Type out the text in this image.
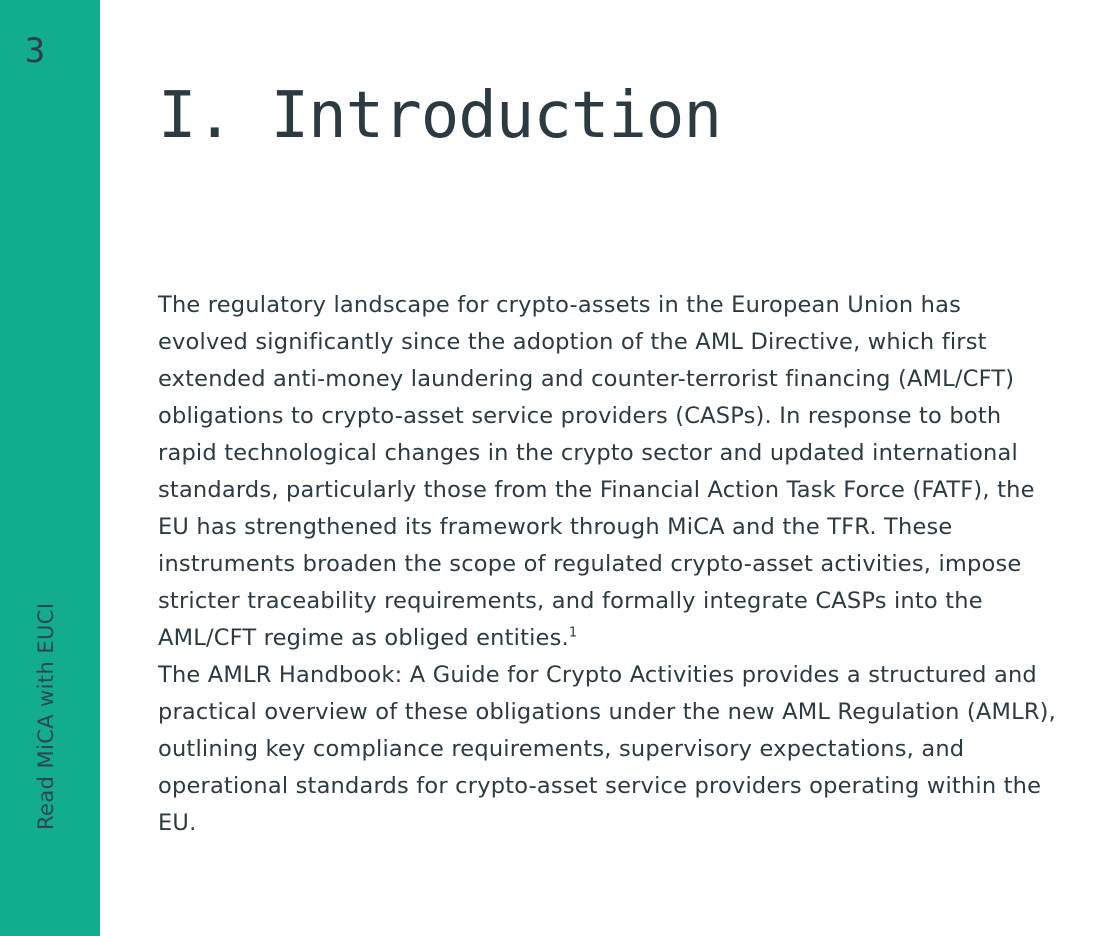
3
Read MiCA with EUCI
I. Introduction

The regulatory landscape for crypto-assets in the European Union has evolved significantly since the adoption of the AML Directive, which first extended anti-money laundering and counter-terrorist financing (AML/CFT) obligations to crypto-asset service providers (CASPs). In response to both rapid technological changes in the crypto sector and updated international standards, particularly those from the Financial Action Task Force (FATF), the EU has strengthened its framework through MiCA and the TFR. These instruments broaden the scope of regulated crypto-asset activities, impose stricter traceability requirements, and formally integrate CASPs into the AML/CFT regime as obliged entities.$^1$

The AMLR Handbook: A Guide for Crypto Activities provides a structured and practical overview of these obligations under the new AML Regulation (AMLR), outlining key compliance requirements, supervisory expectations, and operational standards for crypto-asset service providers operating within the EU.
